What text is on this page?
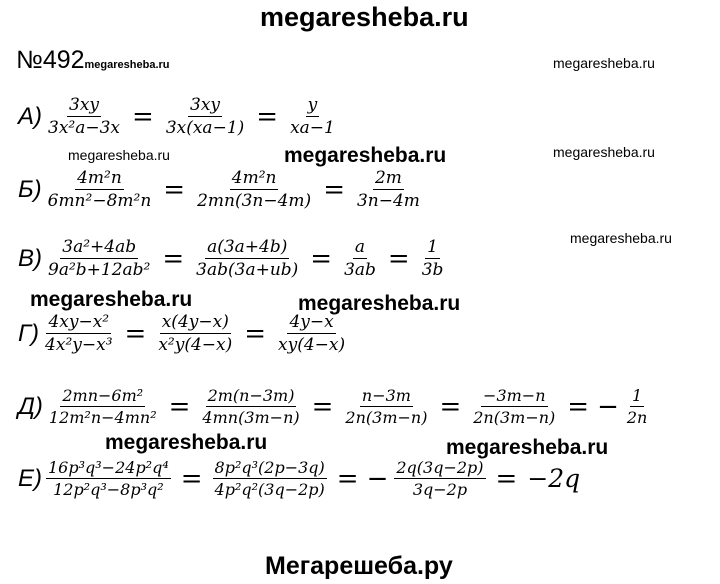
megaresheba.ru
Мегарешеба.ру
№492megaresheba.ru	megaresheba.ru
megaresheba.ru	megaresheba.ru	megaresheba.ru
megaresheba.ru
megaresheba.ru	megaresheba.ru
megaresheba.ru	megaresheba.ru
$А) \frac{3xy}{\text{3x²a−3x}} = \frac{3xy}{3x(xa-1)} = \frac{y}{xa-1}$
$Б) \frac{\text{4m²n}}{\text{6mn²−8m²n}} = \frac{\text{4m²n}}{2mn(3n-4m)} = \frac{2m}{3n-4m}$
$В) \frac{\text{3a²+4ab}}{\text{9a²b+12ab²}} = \frac{a(3a+4b)}{3ab(3a+ub)} = \frac{a}{3ab} = \frac{1}{3b}$
$Г) \frac{\text{4xy−x²}}{\text{4x²y−x³}} = \frac{x(4y-x)}{\text{x²y(4−x)}} = \frac{4y-x}{xy(4-x)}$
$Д) \frac{\text{2mn−6m²}}{\text{12m²n−4mn²}} = \frac{2m(n-3m)}{4mn(3m-n)} = \frac{n-3m}{2n(3m-n)} = \frac{-3m-n}{2n(3m-n)}$ = − $\frac{1}{2n}$
$Е) \frac{\text{16p³q³−24p²q⁴}}{\text{12p²q³−8p³q²}} = \frac{\text{8p²q³(2p−3q)}}{\text{4p²q²(3q−2p)}}$ = − $\frac{2q(3q-2p)}{3q-2p} = -2q$
